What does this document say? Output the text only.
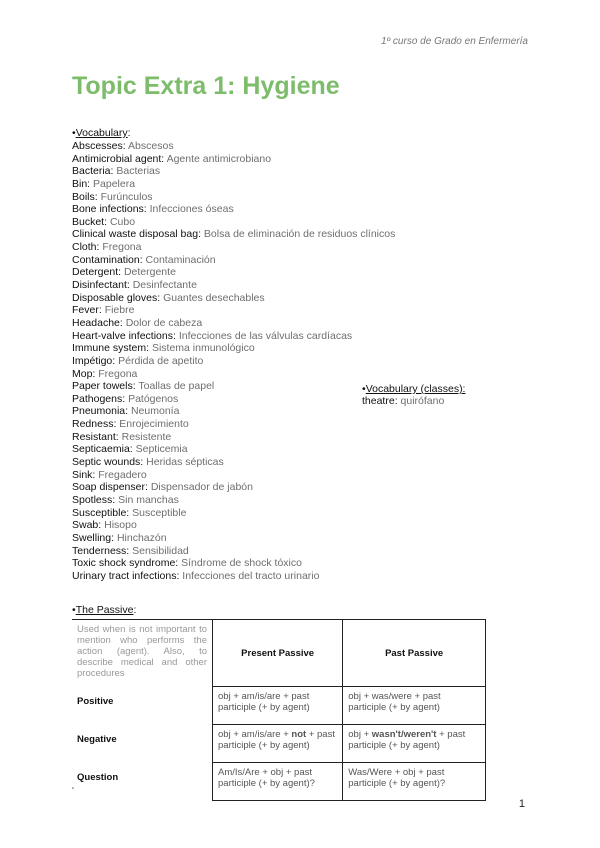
1º curso de Grado en Enfermería
Topic Extra 1: Hygiene
•Vocabulary:
Abscesses: Abscesos
Antimicrobial agent: Agente antimicrobiano
Bacteria: Bacterias
Bin: Papelera
Boils: Furúnculos
Bone infections: Infecciones óseas
Bucket: Cubo
Clinical waste disposal bag: Bolsa de eliminación de residuos clínicos
Cloth: Fregona
Contamination: Contaminación
Detergent: Detergente
Disinfectant: Desinfectante
Disposable gloves: Guantes desechables
Fever: Fiebre
Headache: Dolor de cabeza
Heart-valve infections: Infecciones de las válvulas cardíacas
Immune system: Sistema inmunológico
Impétigo: Pérdida de apetito
Mop: Fregona
Paper towels: Toallas de papel
Pathogens: Patógenos
Pneumonia: Neumonía
Redness: Enrojecimiento
Resistant: Resistente
Septicaemia: Septicemia
Septic wounds: Heridas sépticas
Sink: Fregadero
Soap dispenser: Dispensador de jabón
Spotless: Sin manchas
Susceptible: Susceptible
Swab: Hisopo
Swelling: Hinchazón
Tenderness: Sensibilidad
Toxic shock syndrome: Síndrome de shock tóxico
Urinary tract infections: Infecciones del tracto urinario
•Vocabulary (classes):
theatre: quirófano
•The Passive:
Used when is not important to mention who performs the action (agent). Also, to describe medical and other procedures	Present Passive	Past Passive
Positive	obj + am/is/are + past participle (+ by agent)	obj + was/were + past participle (+ by agent)
Negative	obj + am/is/are + not + past participle (+ by agent)	obj + wasn't/weren't + past participle (+ by agent)
Question	Am/Is/Are + obj + past participle (+ by agent)?	Was/Were + obj + past participle (+ by agent)?
'
1
